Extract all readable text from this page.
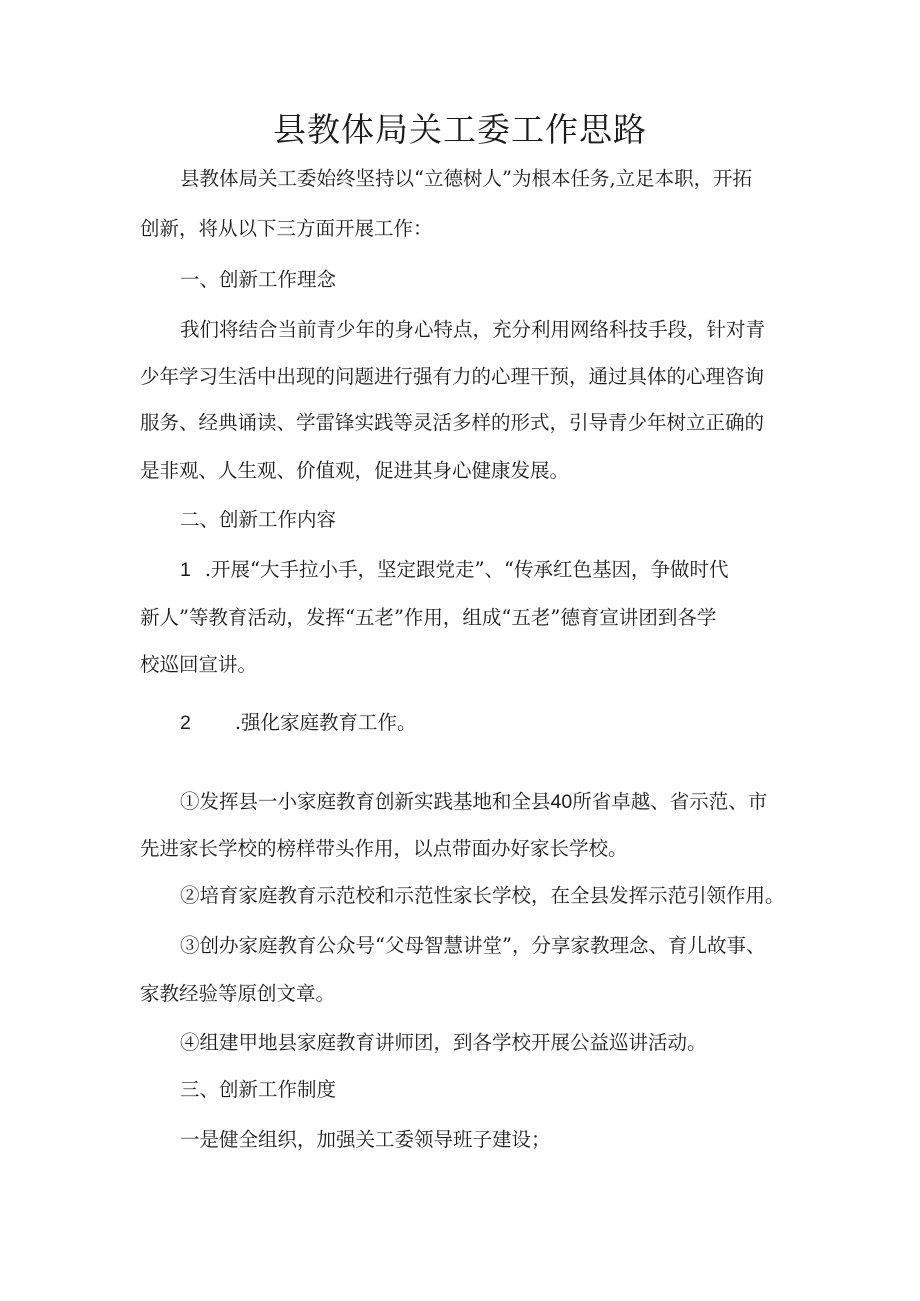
县教体局关工委工作思路
县教体局关工委始终坚持以“立德树人”为根本任务,立足本职，开拓
创新，将从以下三方面开展工作：
一、创新工作理念
我们将结合当前青少年的身心特点，充分利用网络科技手段，针对青
少年学习生活中出现的问题进行强有力的心理干预，通过具体的心理咨询
服务、经典诵读、学雷锋实践等灵活多样的形式，引导青少年树立正确的
是非观、人生观、价值观，促进其身心健康发展。
二、创新工作内容
1 .开展“大手拉小手，坚定跟党走”、“传承红色基因，争做时代
新人”等教育活动，发挥“五老”作用，组成“五老”德育宣讲团到各学
校巡回宣讲。
2 .强化家庭教育工作。
①发挥县一小家庭教育创新实践基地和全县40所省卓越、省示范、市
先进家长学校的榜样带头作用，以点带面办好家长学校。
②培育家庭教育示范校和示范性家长学校，在全县发挥示范引领作用。
③创办家庭教育公众号“父母智慧讲堂”，分享家教理念、育儿故事、
家教经验等原创文章。
④组建甲地县家庭教育讲师团，到各学校开展公益巡讲活动。
三、创新工作制度
一是健全组织，加强关工委领导班子建设；
